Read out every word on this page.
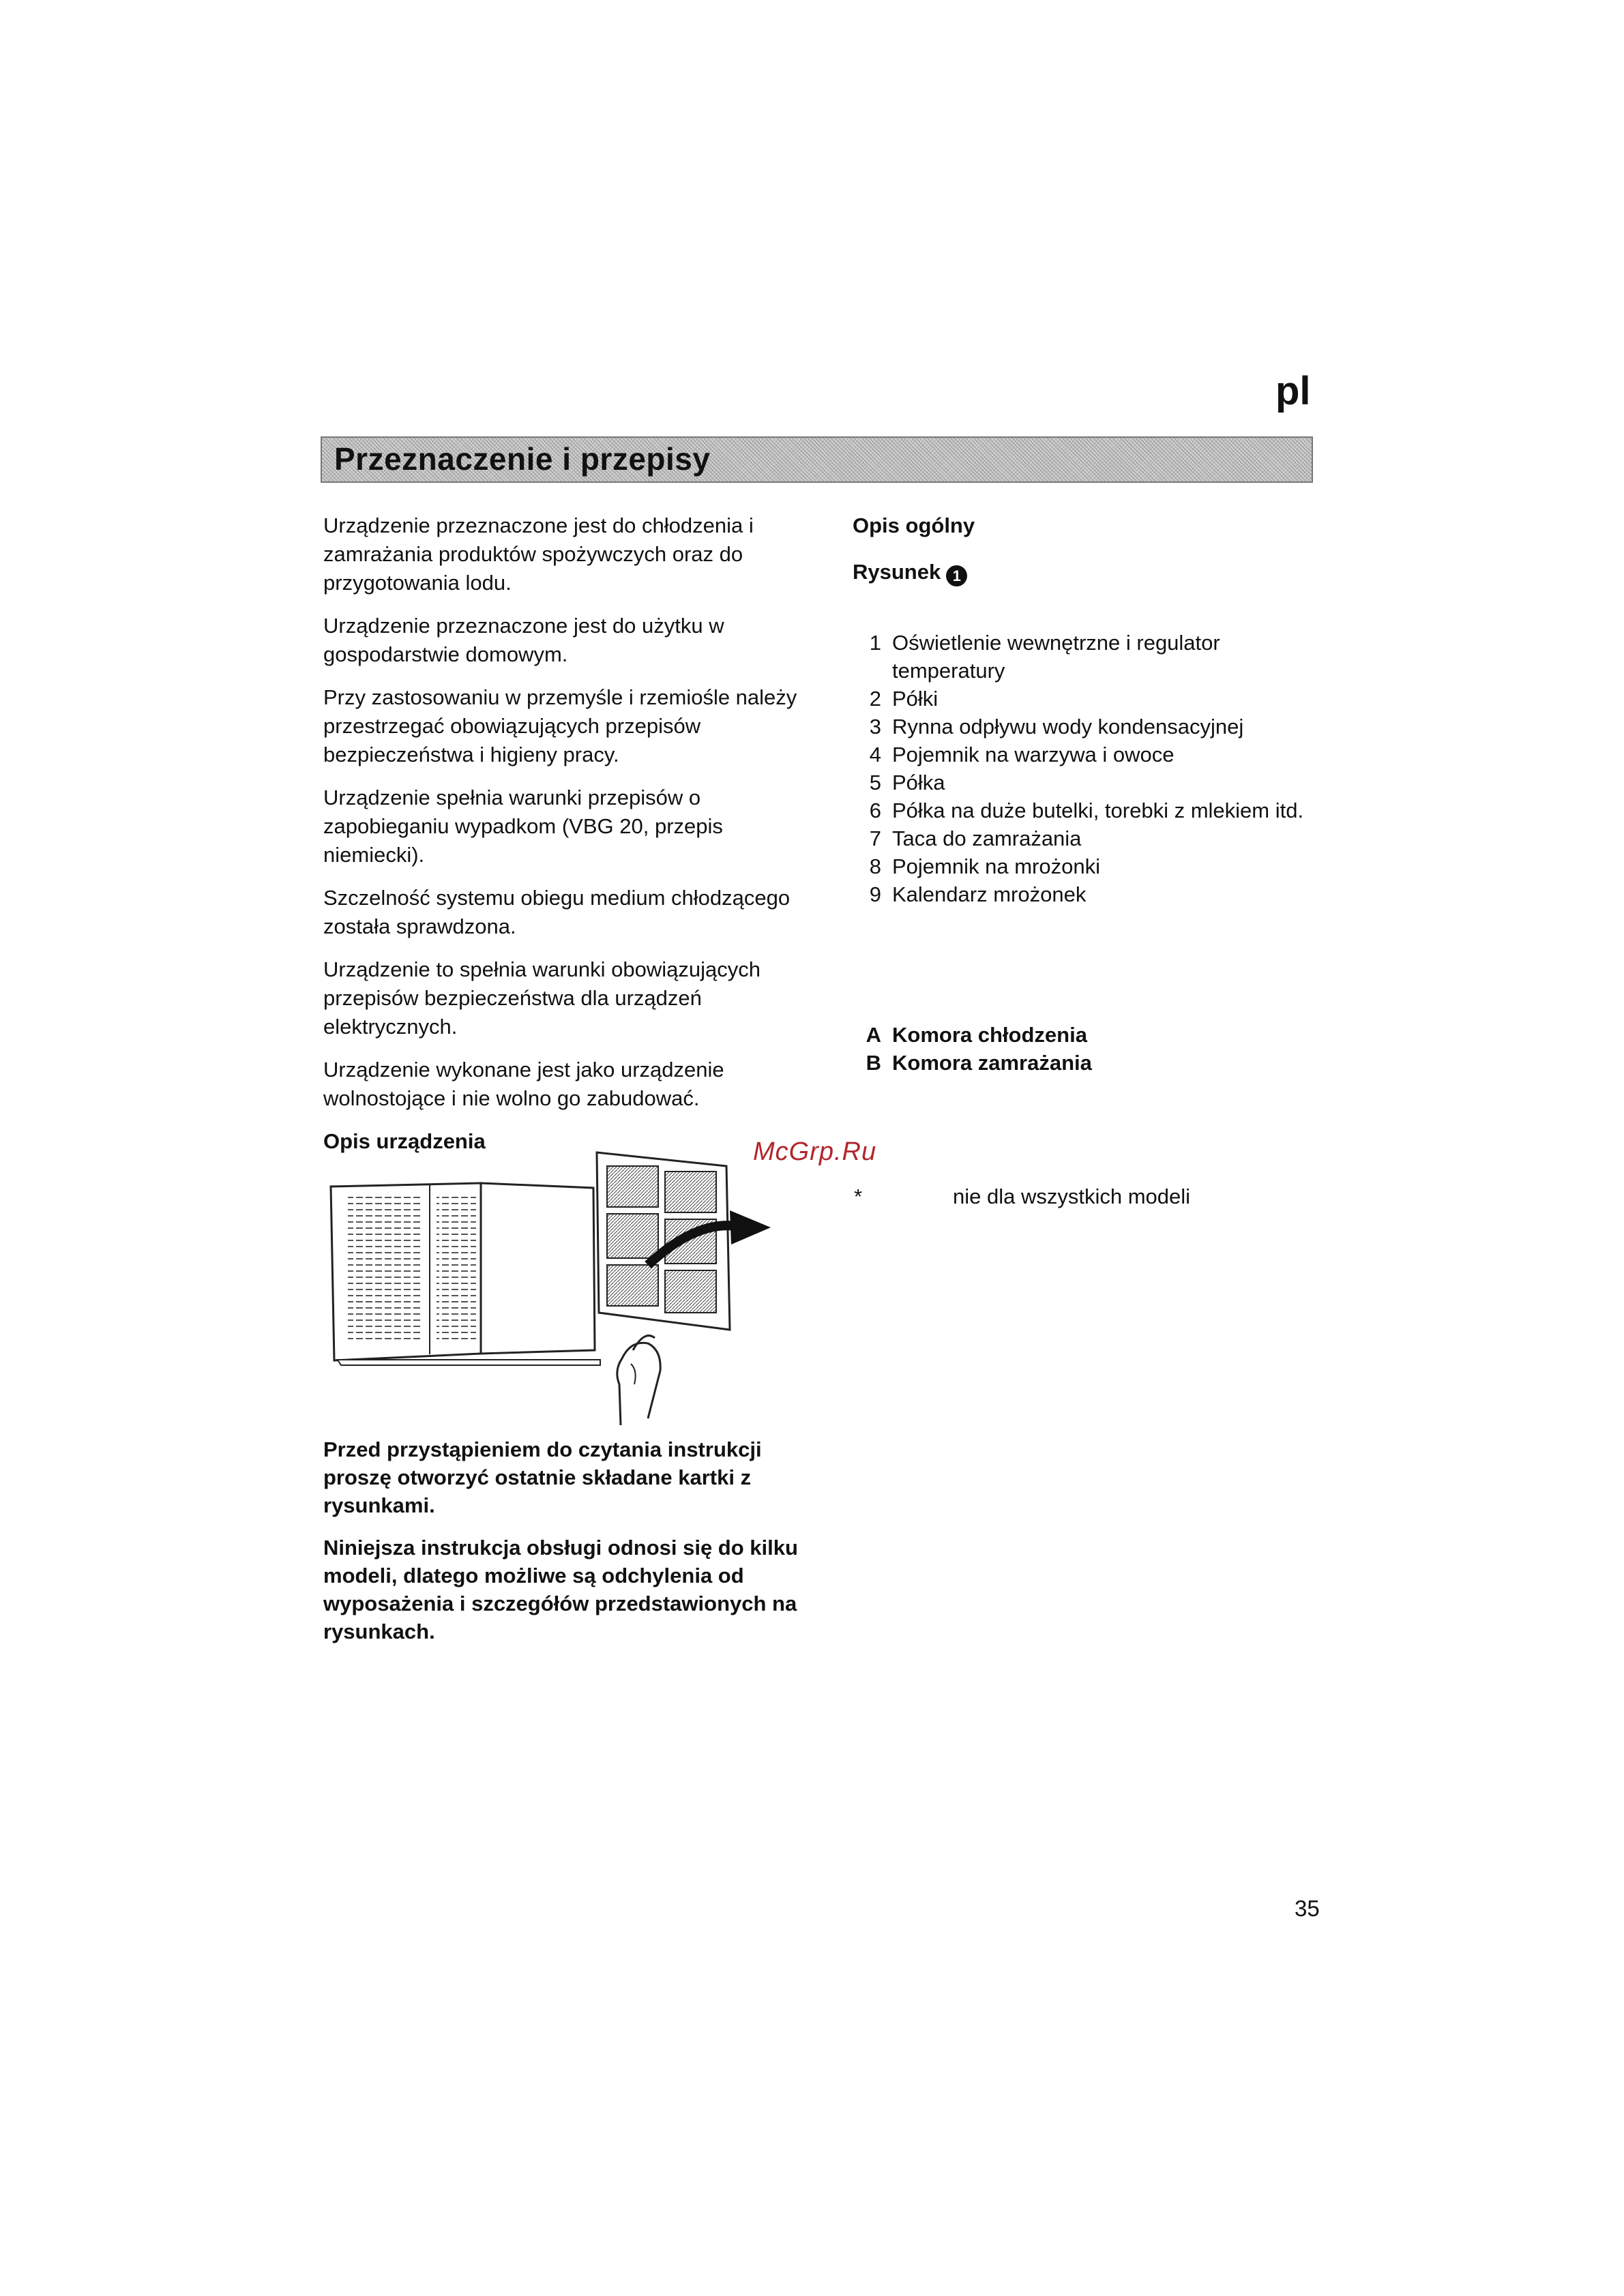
pl
Przeznaczenie i przepisy

Urządzenie przeznaczone jest do chłodzenia i zamrażania produktów spożywczych oraz do przygotowania lodu.

Urządzenie przeznaczone jest do użytku w gospodarstwie domowym.

Przy zastosowaniu w przemyśle i rzemiośle należy przestrzegać obowiązujących przepisów bezpieczeństwa i higieny pracy.

Urządzenie spełnia warunki przepisów o zapobieganiu wypadkom (VBG 20, przepis niemiecki).

Szczelność systemu obiegu medium chłodzącego została sprawdzona.

Urządzenie to spełnia warunki obowiązujących przepisów bezpieczeństwa dla urządzeń elektrycznych.

Urządzenie wykonane jest jako urządzenie wolnostojące i nie wolno go zabudować.

Opis urządzenia	McGrp.Ru

Przed przystąpieniem do czytania instrukcji proszę otworzyć ostatnie składane kartki z rysunkami.

Niniejsza instrukcja obsługi odnosi się do kilku modeli, dlatego możliwe są odchylenia od wyposażenia i szczegółów przedstawionych na rysunkach.

Opis ogólny

Rysunek 1

1 Oświetlenie wewnętrzne i regulator temperatury
2 Półki
3 Rynna odpływu wody kondensacyjnej
4 Pojemnik na warzywa i owoce
5 Półka
6 Półka na duże butelki, torebki z mlekiem itd.
7 Taca do zamrażania
8 Pojemnik na mrożonki
9 Kalendarz mrożonek
A Komora chłodzenia
B Komora zamrażania
*	nie dla wszystkich modeli
35
